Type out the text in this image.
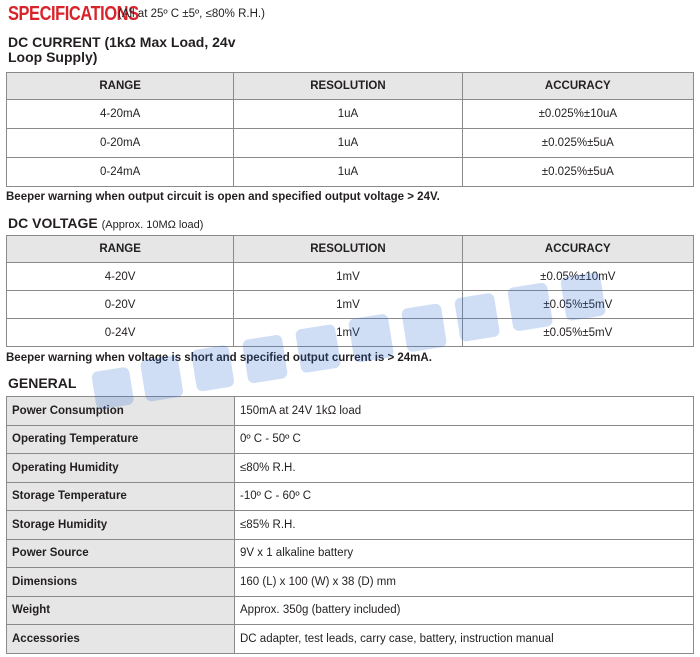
SPECIFICATIONS
(All at 25º C ±5º, ≤80% R.H.)
DC CURRENT (1kΩ Max Load, 24v
Loop Supply)
RANGE	RESOLUTION	ACCURACY
4-20mA	1uA	±0.025%±10uA
0-20mA	1uA	±0.025%±5uA
0-24mA	1uA	±0.025%±5uA
Beeper warning when output circuit is open and specified output voltage > 24V.
DC VOLTAGE (Approx. 10MΩ load)
RANGE	RESOLUTION	ACCURACY
4-20V	1mV	±0.05%±10mV
0-20V	1mV	±0.05%±5mV
0-24V	1mV	±0.05%±5mV
Beeper warning when voltage is short and specified output current is > 24mA.
GENERAL
Power Consumption	150mA at 24V 1kΩ load
Operating Temperature	0º C - 50º C
Operating Humidity	≤80% R.H.
Storage Temperature	-10º C - 60º C
Storage Humidity	≤85% R.H.
Power Source	9V x 1 alkaline battery
Dimensions	160 (L) x 100 (W) x 38 (D) mm
Weight	Approx. 350g (battery included)
Accessories	DC adapter, test leads, carry case, battery, instruction manual
